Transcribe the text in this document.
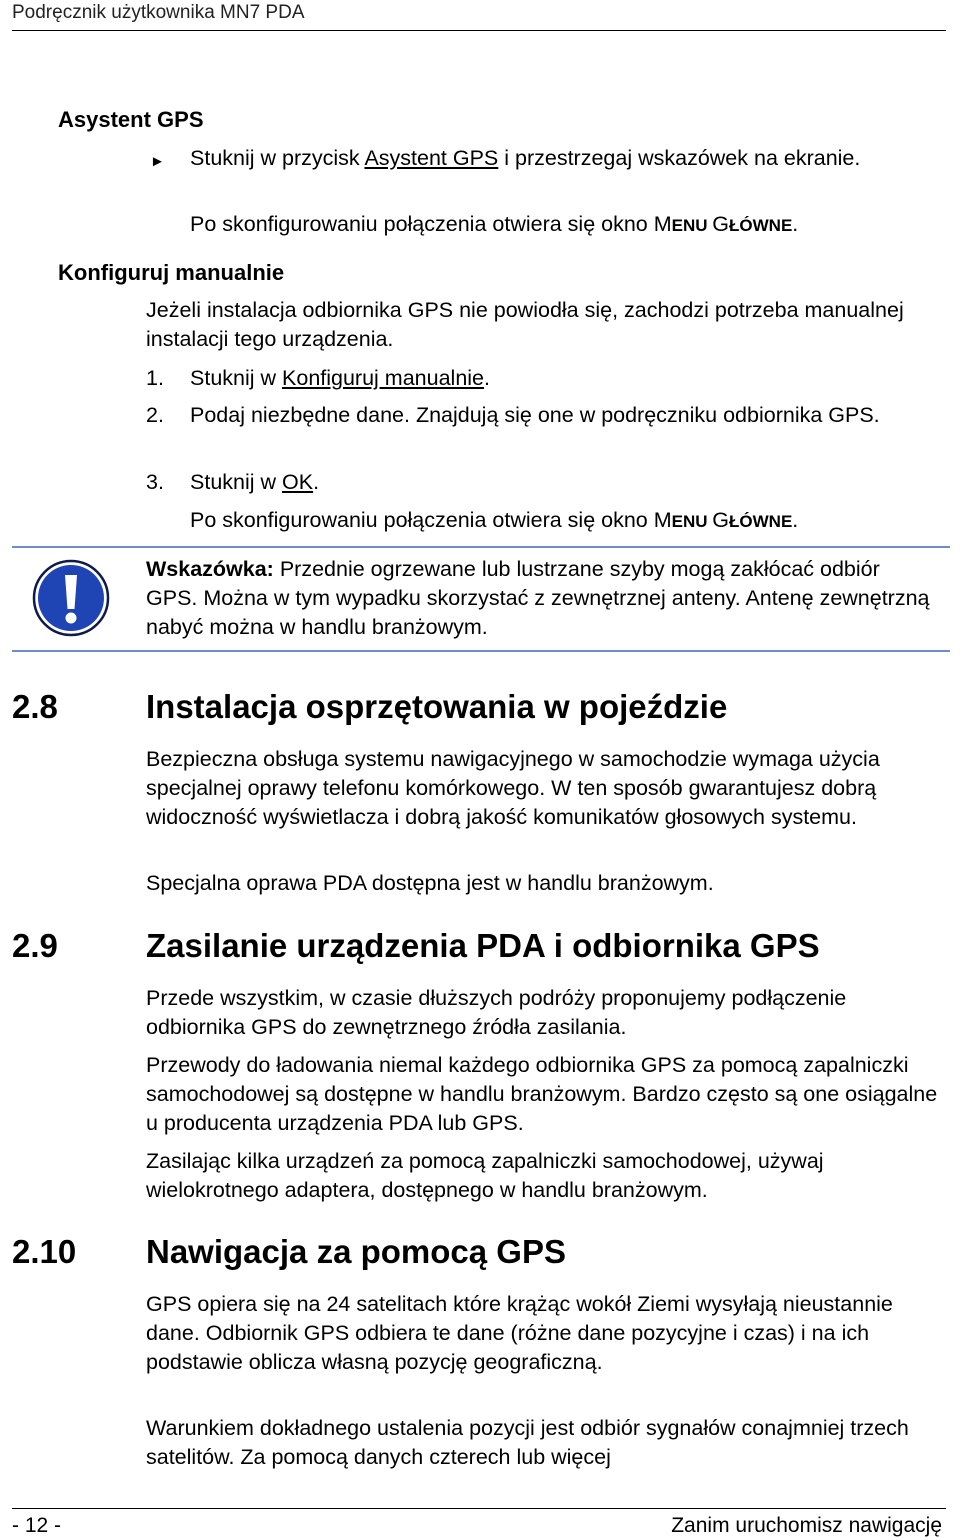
Podręcznik użytkownika MN7 PDA
Asystent GPS
► Stuknij w przycisk Asystent GPS i przestrzegaj wskazówek na ekranie.
Po skonfigurowaniu połączenia otwiera się okno MENU GŁÓWNE.
Konfiguruj manualnie
Jeżeli instalacja odbiornika GPS nie powiodła się, zachodzi potrzeba manualnej instalacji tego urządzenia.
1. Stuknij w Konfiguruj manualnie.
2. Podaj niezbędne dane. Znajdują się one w podręczniku odbiornika GPS.
3. Stuknij w OK.
Po skonfigurowaniu połączenia otwiera się okno MENU GŁÓWNE.
Wskazówka: Przednie ogrzewane lub lustrzane szyby mogą zakłócać odbiór GPS. Można w tym wypadku skorzystać z zewnętrznej anteny. Antenę zewnętrzną nabyć można w handlu branżowym.
2.8	Instalacja osprzętowania w pojeździe
Bezpieczna obsługa systemu nawigacyjnego w samochodzie wymaga użycia specjalnej oprawy telefonu komórkowego. W ten sposób gwarantujesz dobrą widoczność wyświetlacza i dobrą jakość komunikatów głosowych systemu.
Specjalna oprawa PDA dostępna jest w handlu branżowym.
2.9	Zasilanie urządzenia PDA i odbiornika GPS
Przede wszystkim, w czasie dłuższych podróży proponujemy podłączenie odbiornika GPS do zewnętrznego źródła zasilania.
Przewody do ładowania niemal każdego odbiornika GPS za pomocą zapalniczki samochodowej są dostępne w handlu branżowym. Bardzo często są one osiągalne u producenta urządzenia PDA lub GPS.
Zasilając kilka urządzeń za pomocą zapalniczki samochodowej, używaj wielokrotnego adaptera, dostępnego w handlu branżowym.
2.10 Nawigacja za pomocą GPS
GPS opiera się na 24 satelitach które krążąc wokół Ziemi wysyłają nieustannie dane. Odbiornik GPS odbiera te dane (różne dane pozycyjne i czas) i na ich podstawie oblicza własną pozycję geograficzną.
Warunkiem dokładnego ustalenia pozycji jest odbiór sygnałów conajmniej trzech satelitów. Za pomocą danych czterech lub więcej
- 12 -	Zanim uruchomisz nawigację
